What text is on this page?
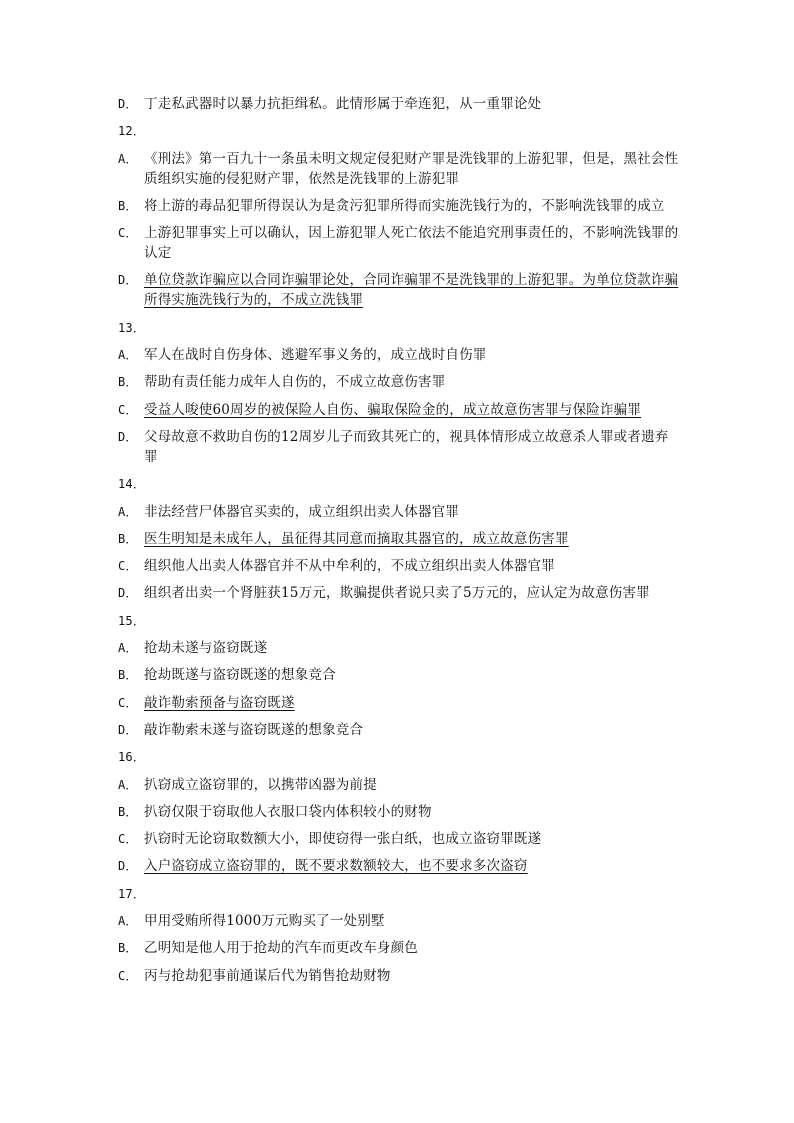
D． 丁走私武器时以暴力抗拒缉私。此情形属于牵连犯，从一重罪论处
12．
A． 《刑法》第一百九十一条虽未明文规定侵犯财产罪是洗钱罪的上游犯罪，但是，黑社会性质组织实施的侵犯财产罪，依然是洗钱罪的上游犯罪
B． 将上游的毒品犯罪所得误认为是贪污犯罪所得而实施洗钱行为的，不影响洗钱罪的成立
C． 上游犯罪事实上可以确认，因上游犯罪人死亡依法不能追究刑事责任的，不影响洗钱罪的认定
D． 单位贷款诈骗应以合同诈骗罪论处，合同诈骗罪不是洗钱罪的上游犯罪。为单位贷款诈骗所得实施洗钱行为的，不成立洗钱罪
13．
A． 军人在战时自伤身体、逃避军事义务的，成立战时自伤罪
B． 帮助有责任能力成年人自伤的，不成立故意伤害罪
C． 受益人唆使60周岁的被保险人自伤、骗取保险金的，成立故意伤害罪与保险诈骗罪
D． 父母故意不救助自伤的12周岁儿子而致其死亡的，视具体情形成立故意杀人罪或者遗弃罪
14．
A． 非法经营尸体器官买卖的，成立组织出卖人体器官罪
B． 医生明知是未成年人，虽征得其同意而摘取其器官的，成立故意伤害罪
C． 组织他人出卖人体器官并不从中牟利的，不成立组织出卖人体器官罪
D． 组织者出卖一个肾脏获15万元，欺骗提供者说只卖了5万元的，应认定为故意伤害罪
15．
A． 抢劫未遂与盗窃既遂
B． 抢劫既遂与盗窃既遂的想象竞合
C． 敲诈勒索预备与盗窃既遂
D． 敲诈勒索未遂与盗窃既遂的想象竞合
16．
A． 扒窃成立盗窃罪的，以携带凶器为前提
B． 扒窃仅限于窃取他人衣服口袋内体积较小的财物
C． 扒窃时无论窃取数额大小，即使窃得一张白纸，也成立盗窃罪既遂
D． 入户盗窃成立盗窃罪的，既不要求数额较大，也不要求多次盗窃
17．
A． 甲用受贿所得1000万元购买了一处别墅
B． 乙明知是他人用于抢劫的汽车而更改车身颜色
C． 丙与抢劫犯事前通谋后代为销售抢劫财物
